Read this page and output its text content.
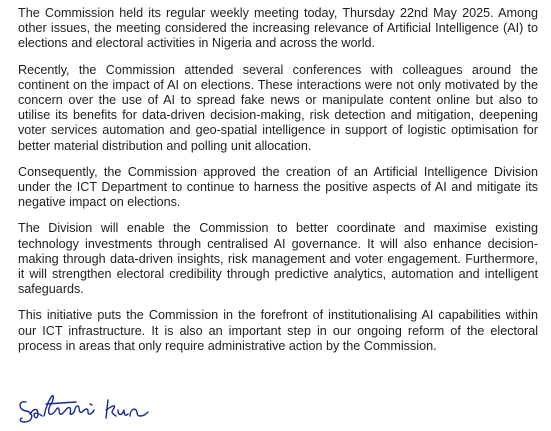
The Commission held its regular weekly meeting today, Thursday 22nd May 2025. Among other issues, the meeting considered the increasing relevance of Artificial Intelligence (AI) to elections and electoral activities in Nigeria and across the world.

Recently, the Commission attended several conferences with colleagues around the continent on the impact of AI on elections. These interactions were not only motivated by the concern over the use of AI to spread fake news or manipulate content online but also to utilise its benefits for data-driven decision-making, risk detection and mitigation, deepening voter services automation and geo-spatial intelligence in support of logistic optimisation for better material distribution and polling unit allocation.

Consequently, the Commission approved the creation of an Artificial Intelligence Division under the ICT Department to continue to harness the positive aspects of AI and mitigate its negative impact on elections.

The Division will enable the Commission to better coordinate and maximise existing technology investments through centralised AI governance. It will also enhance decision-making through data-driven insights, risk management and voter engagement. Furthermore, it will strengthen electoral credibility through predictive analytics, automation and intelligent safeguards.

This initiative puts the Commission in the forefront of institutionalising AI capabilities within our ICT infrastructure. It is also an important step in our ongoing reform of the electoral process in areas that only require administrative action by the Commission.
